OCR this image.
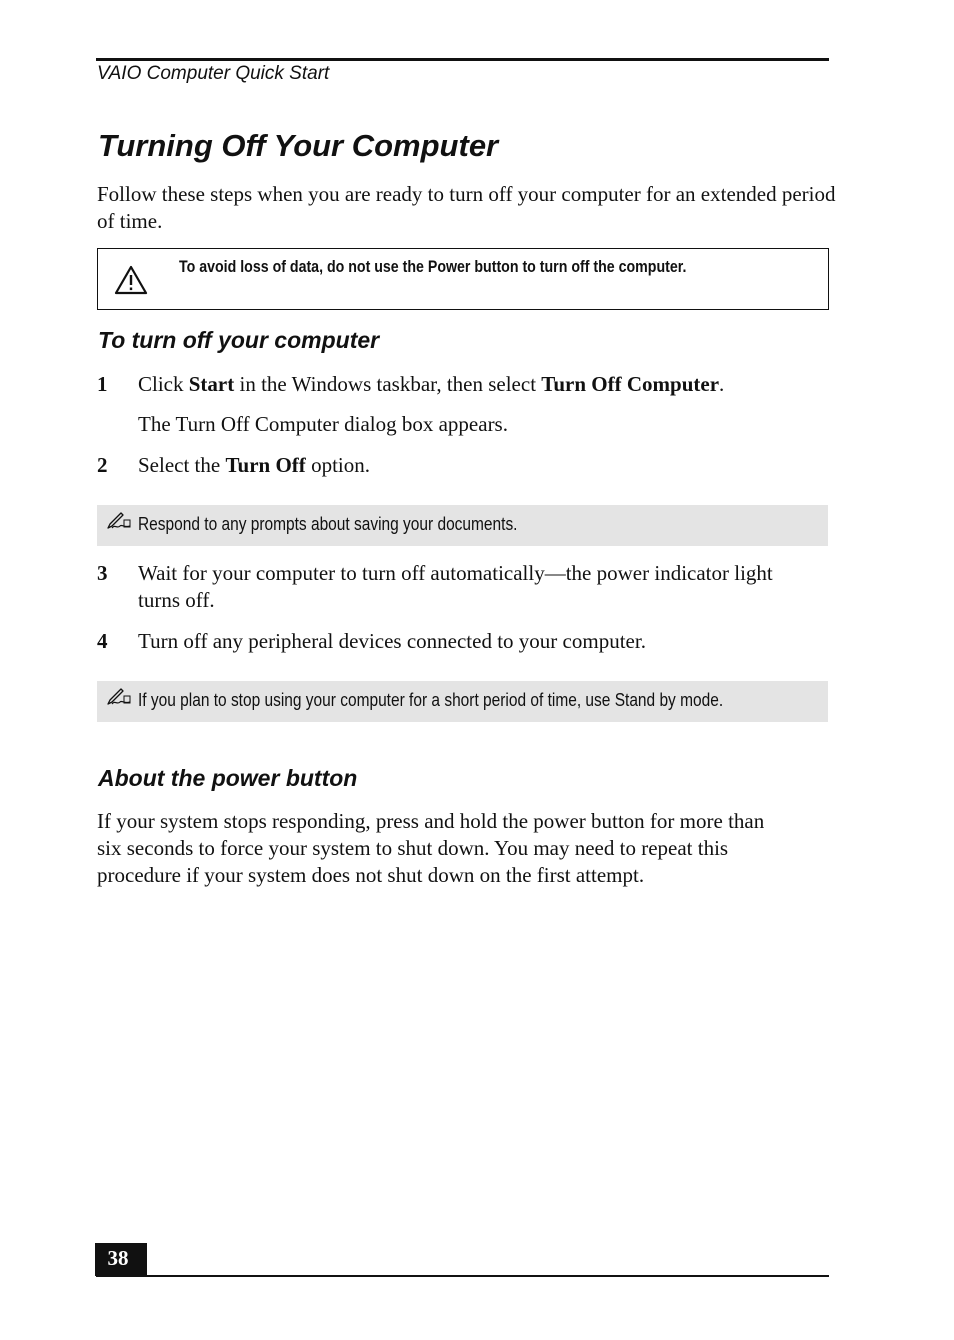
VAIO Computer Quick Start
Turning Off Your Computer
Follow these steps when you are ready to turn off your computer for an extended period of time.
To avoid loss of data, do not use the Power button to turn off the computer.
To turn off your computer
1 Click Start in the Windows taskbar, then select Turn Off Computer.
The Turn Off Computer dialog box appears.
2 Select the Turn Off option.
Respond to any prompts about saving your documents.
3 Wait for your computer to turn off automatically—the power indicator light
turns off.
4 Turn off any peripheral devices connected to your computer.
If you plan to stop using your computer for a short period of time, use Stand by mode.
About the power button
If your system stops responding, press and hold the power button for more than
six seconds to force your system to shut down. You may need to repeat this
procedure if your system does not shut down on the first attempt.
38
